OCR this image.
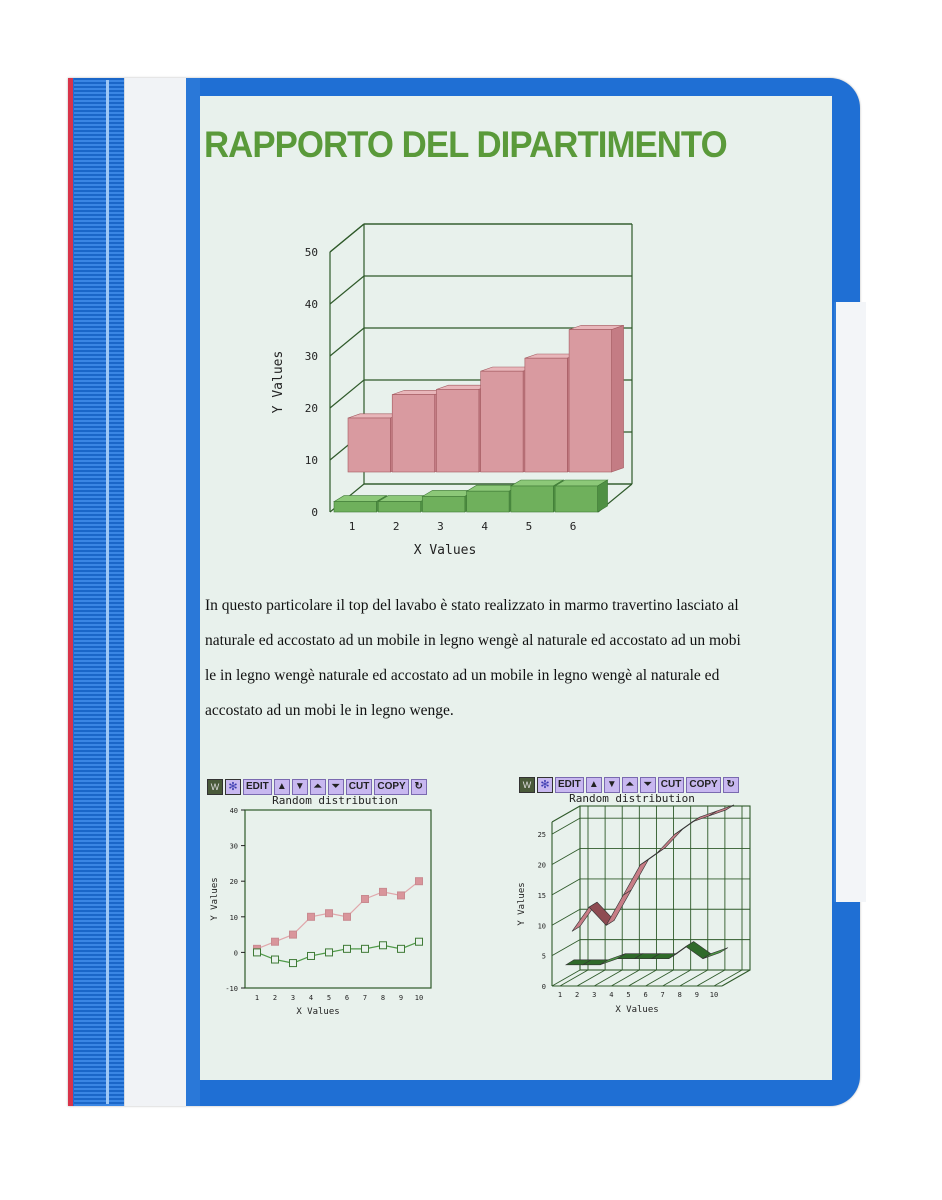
RAPPORTO DEL DIPARTIMENTO
0
10
20
30
40
50
1	2	3	4	5	6
X Values
Y Values
In questo particolare il top del lavabo è stato realizzato in marmo travertino lasciato al
naturale ed accostato ad un mobile in legno wengè al naturale ed accostato ad un mobi
le in legno wengè naturale ed accostato ad un mobile in legno wengè al naturale ed
accostato ad un mobi le in legno wenge.
W ✻ EDIT ▲ ▼ ⏶	⏷ CUT COPY ↻	W ✻ EDIT ▲ ▼ ⏶	⏷ CUT COPY ↻
Random distribution
-10
0
10
20
30
40
1 2 3 4 5 6 7 8 9 10
X Values
Y Values
Random distribution
0
5
10
15
20
25
1 2 3 4 5 6 7 8 9 10
X Values
Y Values
